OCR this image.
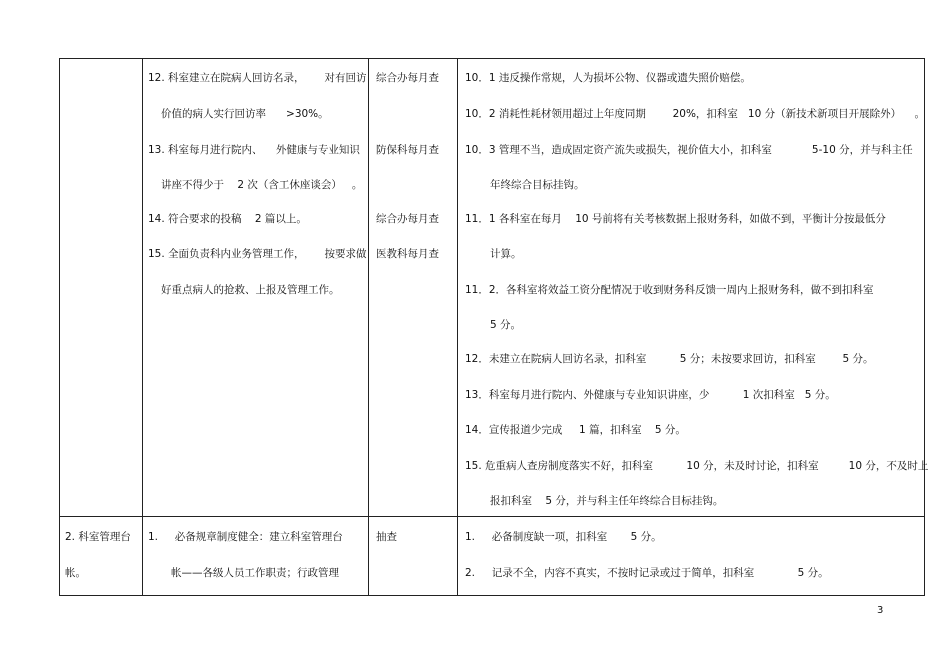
12. 科室建立在院病人回访名录，      对有回访
价值的病人实行回访率      >30%。
13. 科室每月进行院内、    外健康与专业知识
讲座不得少于    2 次（含工休座谈会）   。
14. 符合要求的投稿    2 篇以上。
15. 全面负责科内业务管理工作，      按要求做
好重点病人的抢救、上报及管理工作。
综合办每月查
防保科每月查
综合办每月查
医教科每月查
10．1 违反操作常规，人为损坏公物、仪器或遗失照价赔偿。
10．2 消耗性耗材领用超过上年度同期        20%，扣科室   10 分（新技术新项目开展除外）    。
10．3 管理不当，造成固定资产流失或损失，视价值大小，扣科室            5-10 分，并与科主任
年终综合目标挂钩。
11．1 各科室在每月    10 号前将有关考核数据上报财务科，如做不到，平衡计分按最低分
计算。
11．2．各科室将效益工资分配情况于收到财务科反馈一周内上报财务科，做不到扣科室
5 分。
12．未建立在院病人回访名录，扣科室          5 分；未按要求回访，扣科室        5 分。
13．科室每月进行院内、外健康与专业知识讲座，少          1 次扣科室   5 分。
14．宣传报道少完成     1 篇，扣科室    5 分。
15. 危重病人查房制度落实不好，扣科室          10 分，未及时讨论，扣科室         10 分，不及时上
报扣科室    5 分，并与科主任年终综合目标挂钩。
2. 科室管理台
帐。
1.     必备规章制度健全：建立科室管理台
帐——各级人员工作职责；行政管理
抽查	1.     必备制度缺一项，扣科室       5 分。
2.     记录不全，内容不真实，不按时记录或过于简单，扣科室             5 分。
3
